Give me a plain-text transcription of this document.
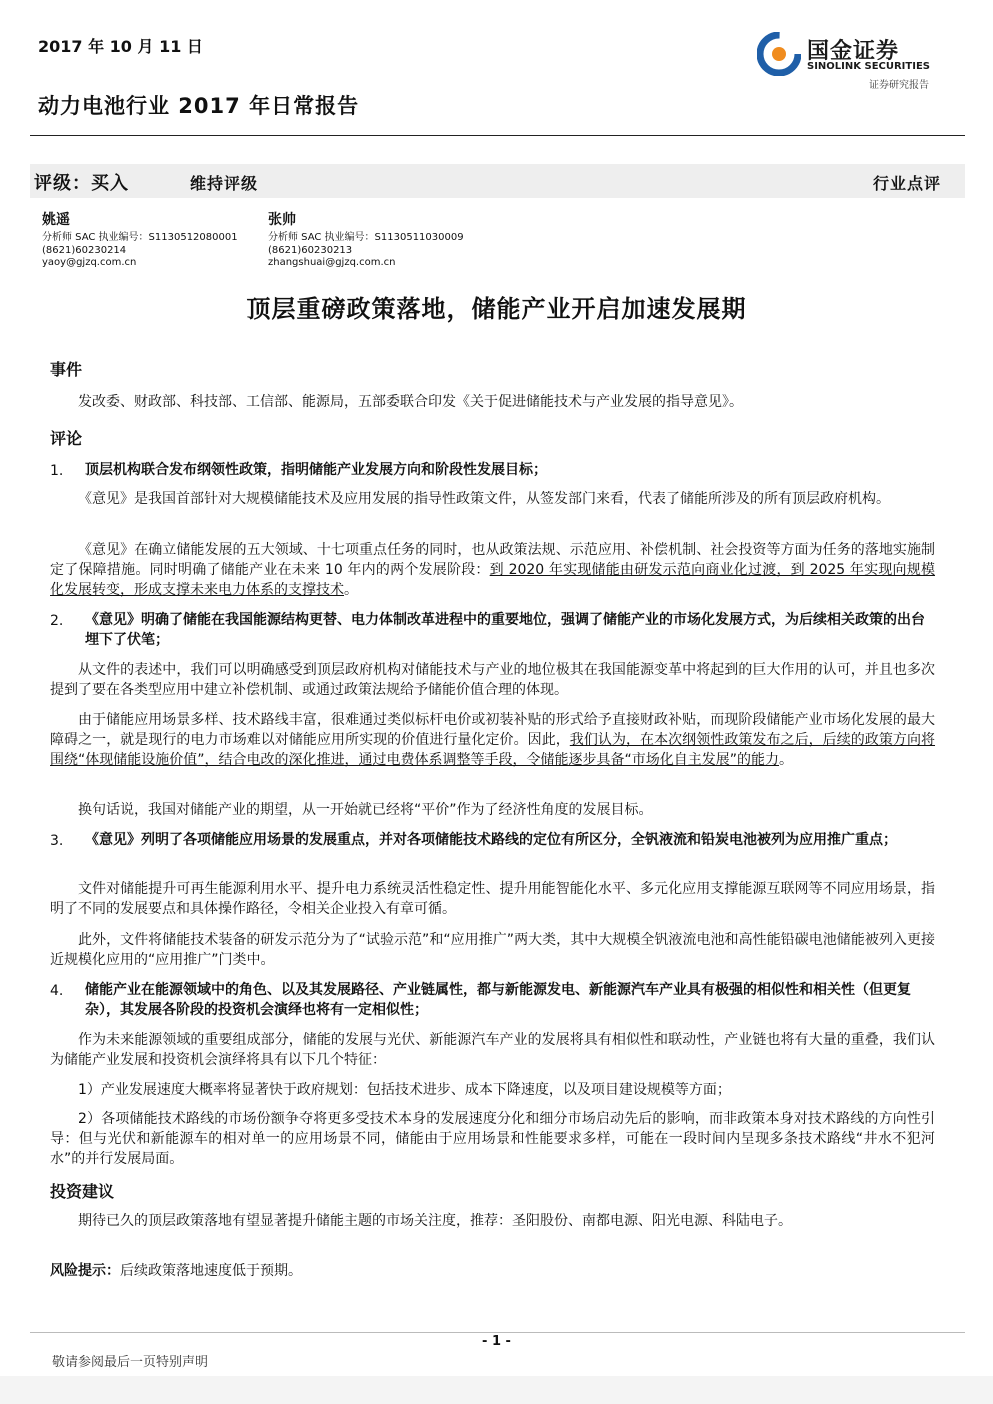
2017 年 10 月 11 日
动力电池行业 2017 年日常报告
国金证券
SINOLINK SECURITIES
证券研究报告
评级：买入	维持评级	行业点评
姚遥
分析师 SAC 执业编号：S1130512080001
(8621)60230214
yaoy@gjzq.com.cn
张帅
分析师 SAC 执业编号：S1130511030009
(8621)60230213
zhangshuai@gjzq.com.cn
顶层重磅政策落地，储能产业开启加速发展期
事件
发改委、财政部、科技部、工信部、能源局，五部委联合印发《关于促进储能技术与产业发展的指导意见》。
评论
1. 顶层机构联合发布纲领性政策，指明储能产业发展方向和阶段性发展目标；
《意见》是我国首部针对大规模储能技术及应用发展的指导性政策文件，从签发部门来看，代表了储能所涉及的所有顶层政府机构。
《意见》在确立储能发展的五大领域、十七项重点任务的同时，也从政策法规、示范应用、补偿机制、社会投资等方面为任务的落地实施制定了保障措施。同时明确了储能产业在未来 10 年内的两个发展阶段：到 2020 年实现储能由研发示范向商业化过渡，到 2025 年实现向规模化发展转变，形成支撑未来电力体系的支撑技术。
2. 《意见》明确了储能在我国能源结构更替、电力体制改革进程中的重要地位，强调了储能产业的市场化发展方式，为后续相关政策的出台埋下了伏笔；
从文件的表述中，我们可以明确感受到顶层政府机构对储能技术与产业的地位极其在我国能源变革中将起到的巨大作用的认可，并且也多次提到了要在各类型应用中建立补偿机制、或通过政策法规给予储能价值合理的体现。
由于储能应用场景多样、技术路线丰富，很难通过类似标杆电价或初装补贴的形式给予直接财政补贴，而现阶段储能产业市场化发展的最大障碍之一，就是现行的电力市场难以对储能应用所实现的价值进行量化定价。因此，我们认为，在本次纲领性政策发布之后，后续的政策方向将围绕“体现储能设施价值”，结合电改的深化推进，通过电费体系调整等手段，令储能逐步具备“市场化自主发展”的能力。
换句话说，我国对储能产业的期望，从一开始就已经将“平价”作为了经济性角度的发展目标。
3. 《意见》列明了各项储能应用场景的发展重点，并对各项储能技术路线的定位有所区分，全钒液流和铅炭电池被列为应用推广重点；
文件对储能提升可再生能源利用水平、提升电力系统灵活性稳定性、提升用能智能化水平、多元化应用支撑能源互联网等不同应用场景，指明了不同的发展要点和具体操作路径，令相关企业投入有章可循。
此外，文件将储能技术装备的研发示范分为了“试验示范”和“应用推广”两大类，其中大规模全钒液流电池和高性能铅碳电池储能被列入更接近规模化应用的“应用推广”门类中。
4. 储能产业在能源领域中的角色、以及其发展路径、产业链属性，都与新能源发电、新能源汽车产业具有极强的相似性和相关性（但更复杂），其发展各阶段的投资机会演绎也将有一定相似性；
作为未来能源领域的重要组成部分，储能的发展与光伏、新能源汽车产业的发展将具有相似性和联动性，产业链也将有大量的重叠，我们认为储能产业发展和投资机会演绎将具有以下几个特征：
1）产业发展速度大概率将显著快于政府规划：包括技术进步、成本下降速度，以及项目建设规模等方面；
2）各项储能技术路线的市场份额争夺将更多受技术本身的发展速度分化和细分市场启动先后的影响，而非政策本身对技术路线的方向性引导：但与光伏和新能源车的相对单一的应用场景不同，储能由于应用场景和性能要求多样，可能在一段时间内呈现多条技术路线“井水不犯河水”的并行发展局面。
投资建议
期待已久的顶层政策落地有望显著提升储能主题的市场关注度，推荐：圣阳股份、南都电源、阳光电源、科陆电子。
风险提示：后续政策落地速度低于预期。
- 1 -
敬请参阅最后一页特别声明
